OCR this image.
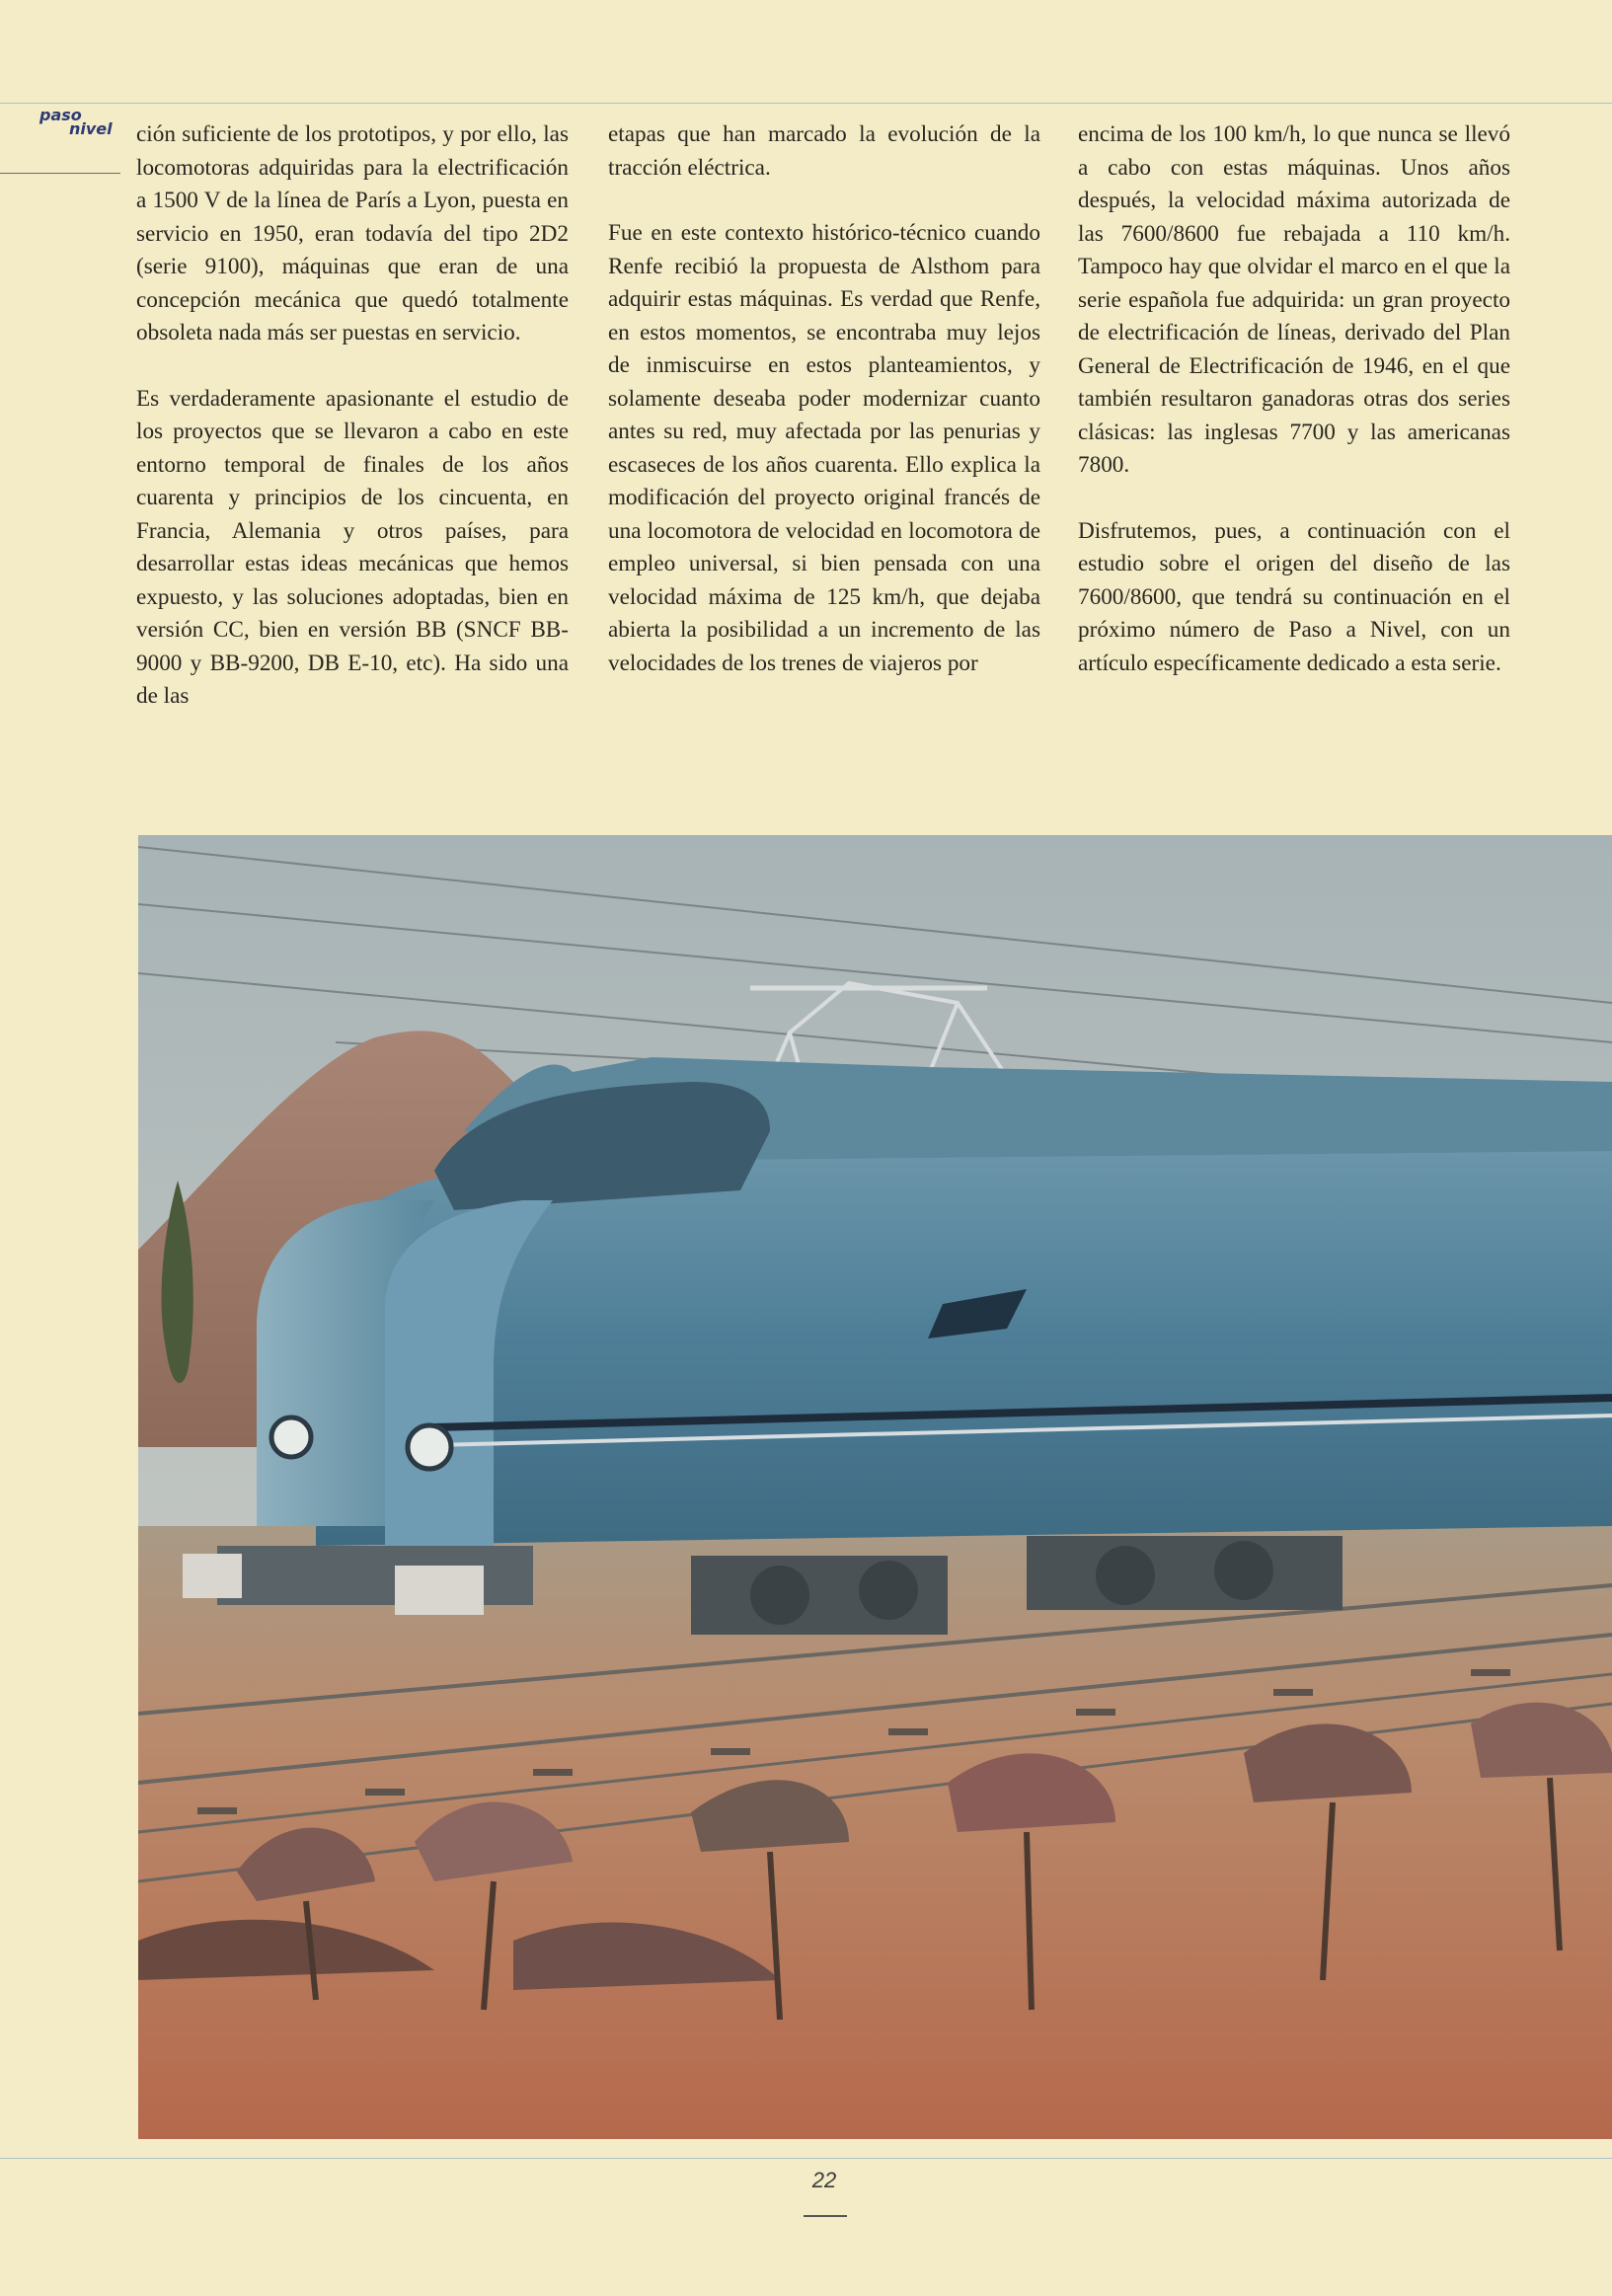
paso
nivel	ción suficiente de los prototipos, y por ello, las locomotoras adquiridas para la electrificación a 1500 V de la línea de París a Lyon, puesta en servicio en 1950, eran todavía del tipo 2D2 (serie 9100), máquinas que eran de una concepción mecánica que quedó totalmente obsoleta nada más ser puestas en servicio.

Es verdaderamente apasionante el estudio de los proyectos que se llevaron a cabo en este entorno temporal de finales de los años cuarenta y principios de los cincuenta, en Francia, Alemania y otros países, para desarrollar estas ideas mecánicas que hemos expuesto, y las soluciones adoptadas, bien en versión CC, bien en versión BB (SNCF BB-9000 y BB-9200, DB E-10, etc). Ha sido una de las

etapas que han marcado la evolución de la tracción eléctrica.

Fue en este contexto histórico-técnico cuando Renfe recibió la propuesta de Alsthom para adquirir estas máquinas. Es verdad que Renfe, en estos momentos, se encontraba muy lejos de inmiscuirse en estos planteamientos, y solamente deseaba poder modernizar cuanto antes su red, muy afectada por las penurias y escaseces de los años cuarenta. Ello explica la modificación del proyecto original francés de una locomotora de velocidad en locomotora de empleo universal, si bien pensada con una velocidad máxima de 125 km/h, que dejaba abierta la posibilidad a un incremento de las velocidades de los trenes de viajeros por

encima de los 100 km/h, lo que nunca se llevó a cabo con estas máquinas. Unos años después, la velocidad máxima autorizada de las 7600/8600 fue rebajada a 110 km/h. Tampoco hay que olvidar el marco en el que la serie española fue adquirida: un gran proyecto de electrificación de líneas, derivado del Plan General de Electrificación de 1946, en el que también resultaron ganadoras otras dos series clásicas: las inglesas 7700 y las americanas 7800.

Disfrutemos, pues, a continuación con el estudio sobre el origen del diseño de las 7600/8600, que tendrá su continuación en el próximo número de Paso a Nivel, con un artículo específicamente dedicado a esta serie.

22
